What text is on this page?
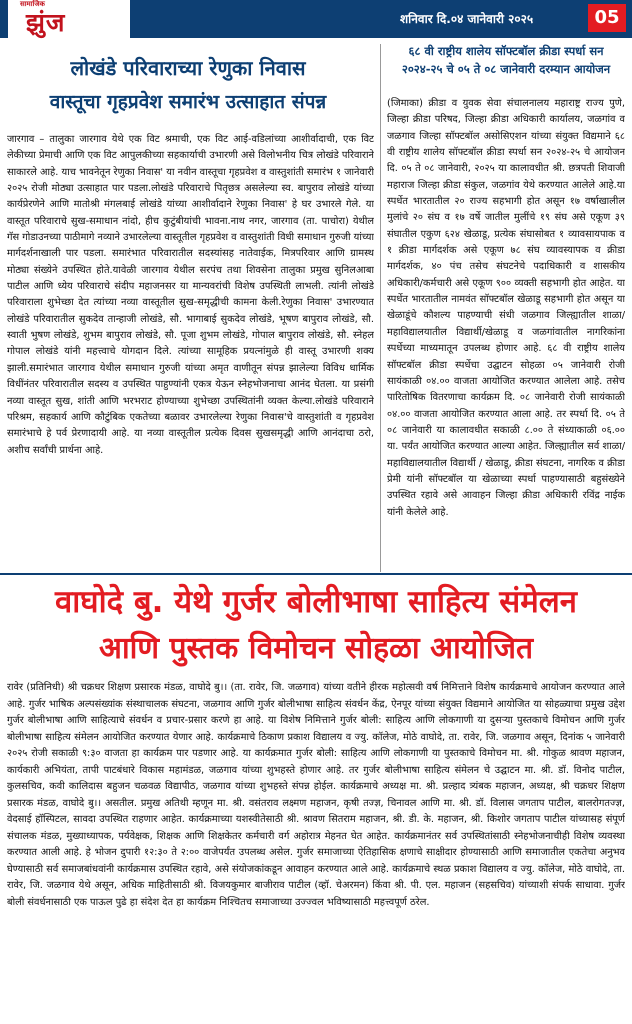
सामाजिक
झुंज	शनिवार दि.०४ जानेवारी २०२५	05
लोखंडे परिवाराच्या रेणुका निवास
वास्तूचा गृहप्रवेश समारंभ उत्साहात संपन्न

जारगाव – तालुका जारगाव येथे एक विट श्रमाची, एक विट आई-वडिलांच्या आशीर्वादाची, एक विट लेकीच्या प्रेमाची आणि एक विट आपुलकीच्या सहकार्याची उभारणी असे विलोभनीय चित्र लोखंडे परिवाराने साकारले आहे. याच भावनेतून रेणुका निवास' या नवीन वास्तूचा गृहप्रवेश व वास्तुशांती समारंभ १ जानेवारी २०२५ रोजी मोठ्या उत्साहात पार पडला.लोखंडे परिवाराचे पितृछत्र असलेल्या स्व. बापुराव लोखंडे यांच्या कार्यप्रेरणेने आणि मातोश्री मंगलबाई लोखंडे यांच्या आशीर्वादाने रेणुका निवास' हे घर उभारले गेले. या वास्तूत परिवाराचे सुख-समाधान नांदो, हीच कुटुंबीयांची भावना.नाथ नगर, जारगाव (ता. पाचोरा) येथील गॅस गोडाउनच्या पाठीमागे नव्याने उभारलेल्या वास्तूतील गृहप्रवेश व वास्तुशांती विधी समाधान गुरुजी यांच्या मार्गदर्शनाखाली पार पडला. समारंभात परिवारातील सदस्यांसह नातेवाईक, मित्रपरिवार आणि ग्रामस्थ मोठ्या संख्येने उपस्थित होते.यावेळी जारगाव येथील सरपंच तथा शिवसेना तालुका प्रमुख सुनिलआबा पाटील आणि ध्येय परिवाराचे संदीप महाजनसर या मान्यवरांची विशेष उपस्थिती लाभली. त्यांनी लोखंडे परिवाराला शुभेच्छा देत त्यांच्या नव्या वास्तूतील सुख-समृद्धीची कामना केली.रेणुका निवास' उभारण्यात लोखंडे परिवारातील सुकदेव तान्हाजी लोखंडे, सौ. भागाबाई सुकदेव लोखंडे, भूषण बापुराव लोखंडे, सौ. स्वाती भुषण लोखंडे, शुभम बापुराव लोखंडे, सौ. पूजा शुभम लोखंडे, गोपाल बापुराव लोखंडे, सौ. स्नेहल गोपाल लोखंडे यांनी महत्त्वाचे योगदान दिले. त्यांच्या सामूहिक प्रयत्नांमुळे ही वास्तू उभारणी शक्य झाली.समारंभात जारगाव येथील समाधान गुरुजी यांच्या अमृत वाणीतून संपन्न झालेल्या विविध धार्मिक विधींनंतर परिवारातील सदस्य व उपस्थित पाहुण्यांनी एकत्र येऊन स्नेहभोजनाचा आनंद घेतला. या प्रसंगी नव्या वास्तूत सुख, शांती आणि भरभराट होण्याच्या शुभेच्छा उपस्थितांनी व्यक्त केल्या.लोखंडे परिवाराने परिश्रम, सहकार्य आणि कौटुंबिक एकतेच्या बळावर उभारलेल्या रेणुका निवास'चे वास्तुशांती व गृहप्रवेश समारंभाचे हे पर्व प्रेरणादायी आहे. या नव्या वास्तूतील प्रत्येक दिवस सुखसमृद्धी आणि आनंदाचा ठरो, अशीच सर्वांची प्रार्थना आहे.

६८ वी राष्ट्रीय शालेय सॉफ्टबॉल क्रीडा स्पर्धा सन
२०२४-२५ चे ०५ ते ०८ जानेवारी दरम्यान आयोजन

(जिमाका) क्रीडा व युवक सेवा संचालनालय महाराष्ट्र राज्य पुणे, जिल्हा क्रीडा परिषद, जिल्हा क्रीडा अधिकारी कार्यालय, जळगांव व जळगाव जिल्हा सॉफ्टबॉल असोसिएशन यांच्या संयुक्त विद्यमाने ६८ वी राष्ट्रीय शालेय सॉफ्टबॉल क्रीडा स्पर्धा सन २०२४-२५ चे आयोजन दि. ०५ ते ०८ जानेवारी, २०२५ या कालावधीत श्री. छत्रपती शिवाजी महाराज जिल्हा क्रीडा संकुल, जळगांव येथे करण्यात आलेले आहे.या स्पर्धेत भारतातील २० राज्य सहभागी होत असून १७ वर्षाखालील मुलांचे २० संघ व १७ वर्षे जातील मुलींचे १९ संघ असे एकूण ३९ संघातील एकुण ६२४ खेळाडू, प्रत्येक संघासोबत १ व्यावसायपाक व १ क्रीडा मार्गदर्शक असे एकूण ७८ संघ व्यावस्यापक व क्रीडा मार्गदर्शक, ४० पंच तसेच संघटनेचे पदाधिकारी व शासकीय अधिकारी/कर्मचारी असे एकूण ९०० व्यक्ती सहभागी होत आहेत. या स्पर्धेत भारतातील नामवंत सॉफ्टबॉल खेळाडू सहभागी होत असून या खेळाडूंचे कौशल्य पाहण्याची संधी जळगाव जिल्ह्यातील शाळा/महाविद्यालयातील विद्यार्थी/खेळाडू व जळगांवातील नागरिकांना स्पर्धेच्या माध्यमातून उपलब्ध होणार आहे. ६८ वी राष्ट्रीय शालेय सॉफ्टबॉल क्रीडा स्पर्धेचा उद्घाटन सोहळा ०५ जानेवारी रोजी सायंकाळी ०४.०० वाजता आयोजित करण्यात आलेला आहे. तसेच पारितोषिक वितरणाचा कार्यक्रम दि. ०८ जानेवारी रोजी सायंकाळी ०४.०० वाजता आयोजित करण्यात आला आहे. तर स्पर्धा दि. ०५ ते ०८ जानेवारी या कालावधीत सकाळी ८.०० ते संध्याकाळी ०६.०० या. पर्यंत आयोजित करण्यात आल्या आहेत. जिल्ह्यातील सर्व शाळा/महाविद्यालयातील विद्यार्थी / खेळाडू, क्रीडा संघटना, नागरिक व क्रीडा प्रेमी यांनी सॉफ्टबॉल या खेळाच्या स्पर्धा पाहण्यासाठी बहुसंख्येने उपस्थित रहावे असे आवाहन जिल्हा क्रीडा अधिकारी रविंद्र नाईक यांनी केलेले आहे.

वाघोदे बु. येथे गुर्जर बोलीभाषा साहित्य संमेलन
आणि पुस्तक विमोचन सोहळा आयोजित

रावेर (प्रतिनिधी) श्री चक्रधर शिक्षण प्रसारक मंडळ, वाघोदे बु।। (ता. रावेर, जि. जळगाव) यांच्या वतीने हीरक महोत्सवी वर्ष निमित्ताने विशेष कार्यक्रमाचे आयोजन करण्यात आले आहे. गुर्जर भाषिक अल्पसंख्यांक संस्थाचालक संघटना, जळगाव आणि गुर्जर बोलीभाषा साहित्य संवर्धन केंद्र, ऐनपूर यांच्या संयुक्त विद्यमाने आयोजित या सोहळ्याचा प्रमुख उद्देश गुर्जर बोलीभाषा आणि साहित्याचे संवर्धन व प्रचार-प्रसार करणे हा आहे. या विशेष निमित्ताने गुर्जर बोली: साहित्य आणि लोकगाणी या दुसऱ्या पुस्तकाचे विमोचन आणि गुर्जर बोलीभाषा साहित्य संमेलन आयोजित करण्यात येणार आहे. कार्यक्रमाचे ठिकाण प्रकाश विद्यालय व ज्यु. कॉलेज, मोठे वाघोदे, ता. रावेर, जि. जळगाव असून, दिनांक ५ जानेवारी २०२५ रोजी सकाळी ९:३० वाजता हा कार्यक्रम पार पडणार आहे. या कार्यक्रमात गुर्जर बोली: साहित्य आणि लोकगाणी या पुस्तकाचे विमोचन मा. श्री. गोकुळ श्रावण महाजन, कार्यकारी अभियंता, तापी पाटबंधारे विकास महामंडळ, जळगाव यांच्या शुभहस्ते होणार आहे. तर गुर्जर बोलीभाषा साहित्य संमेलन चे उद्घाटन मा. श्री. डॉ. विनोद पाटील, कुलसचिव, कवी कालिदास बहुजन चळवळ विद्यापीठ, जळगाव यांच्या शुभहस्ते संपन्न होईल. कार्यक्रमाचे अध्यक्ष मा. श्री. प्रल्हाद त्र्यंबक महाजन, अध्यक्ष, श्री चक्रधर शिक्षण प्रसारक मंडळ, वाघोदे बु।। असतील. प्रमुख अतिथी म्हणून मा. श्री. वसंतराव लक्ष्मण महाजन, कृषी तज्ज्ञ, चिनावल आणि मा. श्री. डॉ. विलास जगताप पाटील, बालरोगतज्ज्ञ, वेदसाई हॉस्पिटल, सावदा उपस्थित राहणार आहेत. कार्यक्रमाच्या यशस्वीतेसाठी श्री. श्रावण सितराम महाजन, श्री. डी. के. महाजन, श्री. किशोर जगताप पाटील यांच्यासह संपूर्ण संचालक मंडळ, मुख्याध्यापक, पर्यवेक्षक, शिक्षक आणि शिक्षकेतर कर्मचारी वर्ग अहोरात्र मेहनत घेत आहेत. कार्यक्रमानंतर सर्व उपस्थितांसाठी स्नेहभोजनाचीही विशेष व्यवस्था करण्यात आली आहे. हे भोजन दुपारी १२:३० ते २:०० वाजेपर्यंत उपलब्ध असेल. गुर्जर समाजाच्या ऐतिहासिक क्षणाचे साक्षीदार होण्यासाठी आणि समाजातील एकतेचा अनुभव घेण्यासाठी सर्व समाजबांधवांनी कार्यक्रमास उपस्थित रहावे, असे संयोजकांकडून आवाहन करण्यात आले आहे. कार्यक्रमाचे स्थळ प्रकाश विद्यालय व ज्यु. कॉलेज, मोठे वाघोदे, ता. रावेर, जि. जळगाव येथे असून, अधिक माहितीसाठी श्री. विजयकुमार बाजीराव पाटील (व्हॉ. चेअरमन) किंवा श्री. पी. एल. महाजन (सहसचिव) यांच्याशी संपर्क साधावा. गुर्जर बोली संवर्धनासाठी एक पाऊल पुढे हा संदेश देत हा कार्यक्रम निश्चितच समाजाच्या उज्ज्वल भविष्यासाठी महत्त्वपूर्ण ठरेल.
